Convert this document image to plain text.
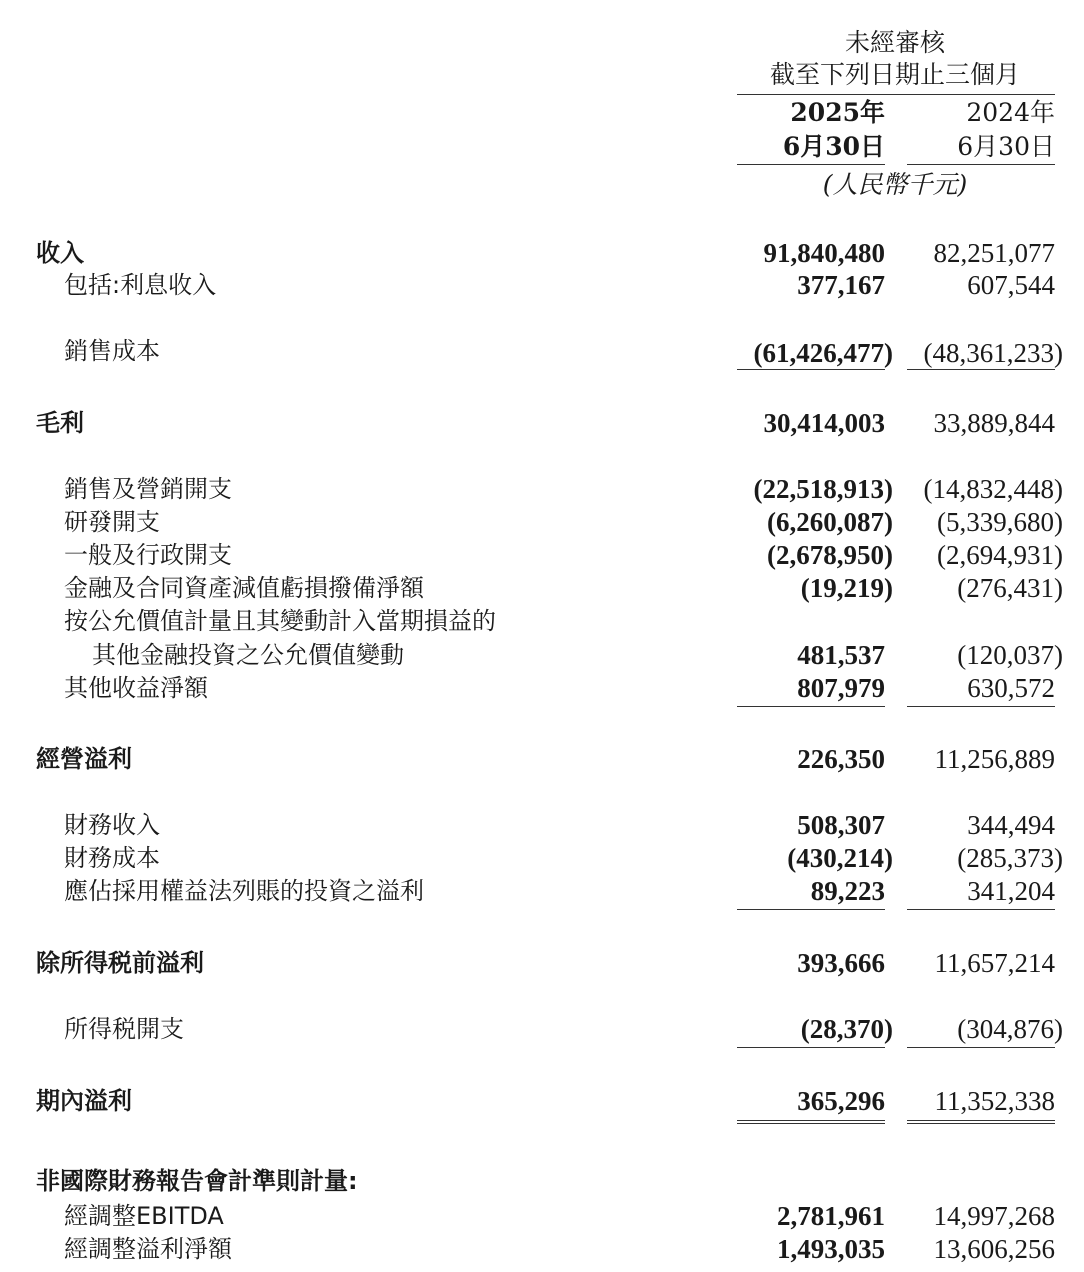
未經審核
截至下列日期止三個月
2025年
6月30日
2024年
6月30日
(人民幣千元)
收入	91,840,480	82,251,077
包括:利息收入	377,167	607,544
銷售成本	(61,426,477)	(48,361,233)
毛利	30,414,003	33,889,844
銷售及營銷開支	(22,518,913)	(14,832,448)
研發開支	(6,260,087)	(5,339,680)
一般及行政開支	(2,678,950)	(2,694,931)
金融及合同資產減值虧損撥備淨額	(19,219)	(276,431)
按公允價值計量且其變動計入當期損益的
其他金融投資之公允價值變動	481,537	(120,037)
其他收益淨額	807,979	630,572
經營溢利	226,350	11,256,889
財務收入	508,307	344,494
財務成本	(430,214)	(285,373)
應佔採用權益法列賬的投資之溢利	89,223	341,204
除所得税前溢利	393,666	11,657,214
所得税開支	(28,370)	(304,876)
期內溢利	365,296	11,352,338
非國際財務報告會計準則計量:
經調整EBITDA	2,781,961	14,997,268
經調整溢利淨額	1,493,035	13,606,256
